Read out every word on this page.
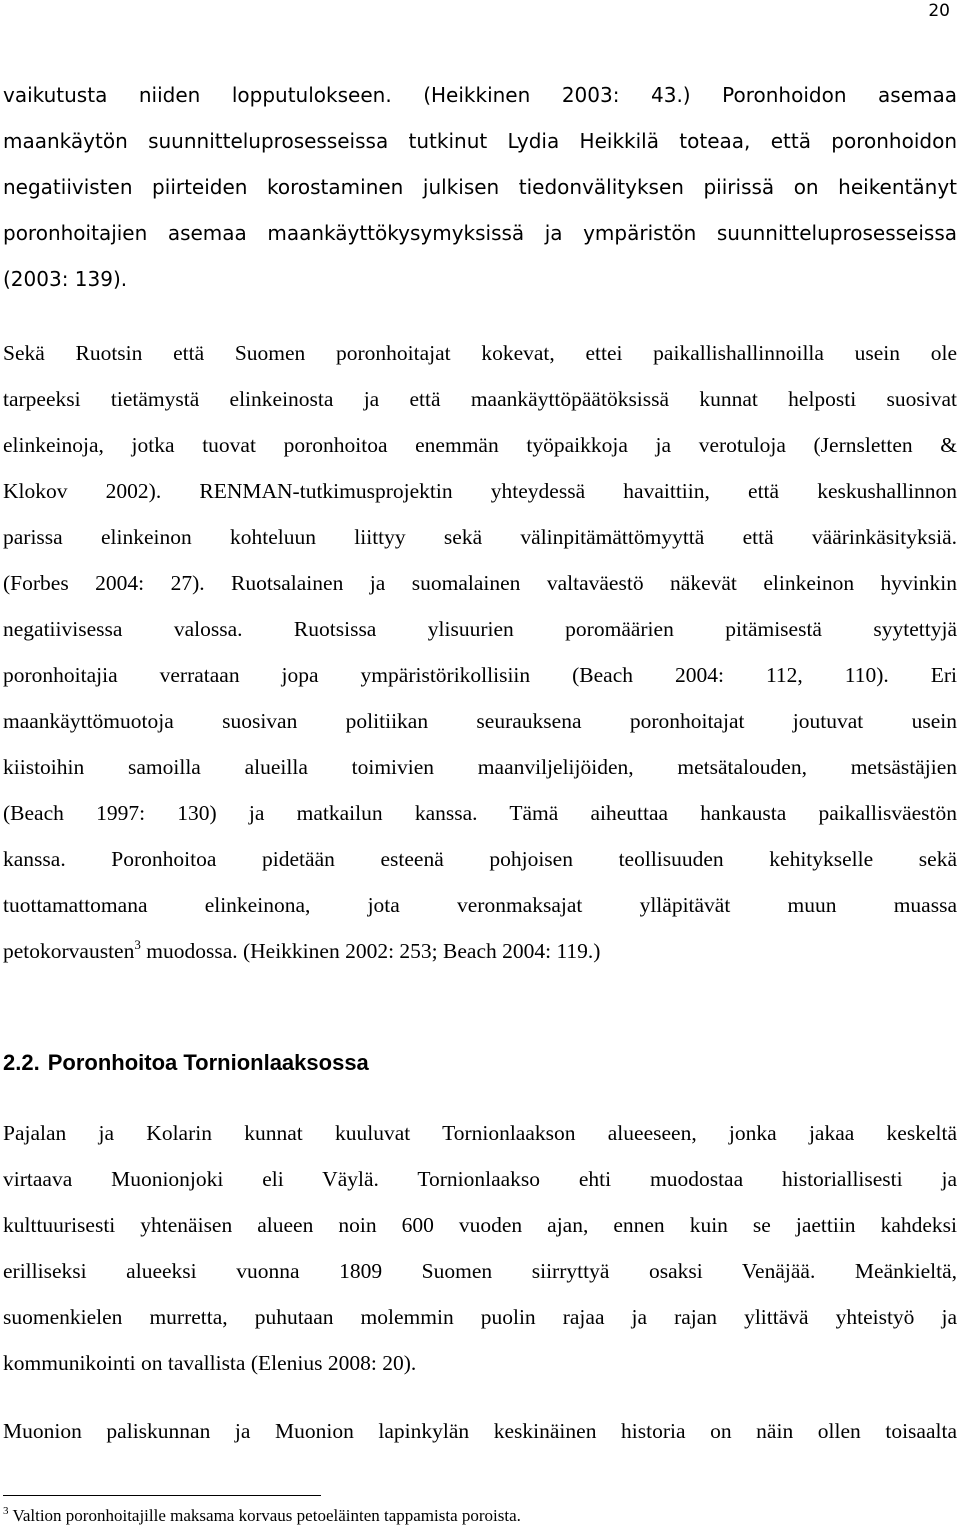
20
vaikutusta niiden lopputulokseen. (Heikkinen 2003: 43.) Poronhoidon asemaa
maankäytön suunnitteluprosesseissa tutkinut Lydia Heikkilä toteaa, että poronhoidon
negatiivisten piirteiden korostaminen julkisen tiedonvälityksen piirissä on heikentänyt
poronhoitajien asemaa maankäyttökysymyksissä ja ympäristön suunnitteluprosesseissa
(2003: 139).
Sekä Ruotsin että Suomen poronhoitajat kokevat, ettei paikallishallinnoilla usein ole
tarpeeksi tietämystä elinkeinosta ja että maankäyttöpäätöksissä kunnat helposti suosivat
elinkeinoja, jotka tuovat poronhoitoa enemmän työpaikkoja ja verotuloja (Jernsletten &
Klokov 2002). RENMAN-tutkimusprojektin yhteydessä havaittiin, että keskushallinnon
parissa elinkeinon kohteluun liittyy sekä välinpitämättömyyttä että väärinkäsityksiä.
(Forbes 2004: 27). Ruotsalainen ja suomalainen valtaväestö näkevät elinkeinon hyvinkin
negatiivisessa valossa. Ruotsissa ylisuurien poromäärien pitämisestä syytettyjä
poronhoitajia verrataan jopa ympäristörikollisiin (Beach 2004: 112, 110). Eri
maankäyttömuotoja suosivan politiikan seurauksena poronhoitajat joutuvat usein
kiistoihin samoilla alueilla toimivien maanviljelijöiden, metsätalouden, metsästäjien
(Beach 1997: 130) ja matkailun kanssa. Tämä aiheuttaa hankausta paikallisväestön
kanssa. Poronhoitoa pidetään esteenä pohjoisen teollisuuden kehitykselle sekä
tuottamattomana elinkeinona, jota veronmaksajat ylläpitävät muun muassa
petokorvausten$^3$ muodossa. (Heikkinen 2002: 253; Beach 2004: 119.)
2.2. Poronhoitoa Tornionlaaksossa
Pajalan ja Kolarin kunnat kuuluvat Tornionlaakson alueeseen, jonka jakaa keskeltä
virtaava Muonionjoki eli Väylä. Tornionlaakso ehti muodostaa historiallisesti ja
kulttuurisesti yhtenäisen alueen noin 600 vuoden ajan, ennen kuin se jaettiin kahdeksi
erilliseksi alueeksi vuonna 1809 Suomen siirryttyä osaksi Venäjää. Meänkieltä,
suomenkielen murretta, puhutaan molemmin puolin rajaa ja rajan ylittävä yhteistyö ja
kommunikointi on tavallista (Elenius 2008: 20).
Muonion paliskunnan ja Muonion lapinkylän keskinäinen historia on näin ollen toisaalta
$^3$ Valtion poronhoitajille maksama korvaus petoeläinten tappamista poroista.
